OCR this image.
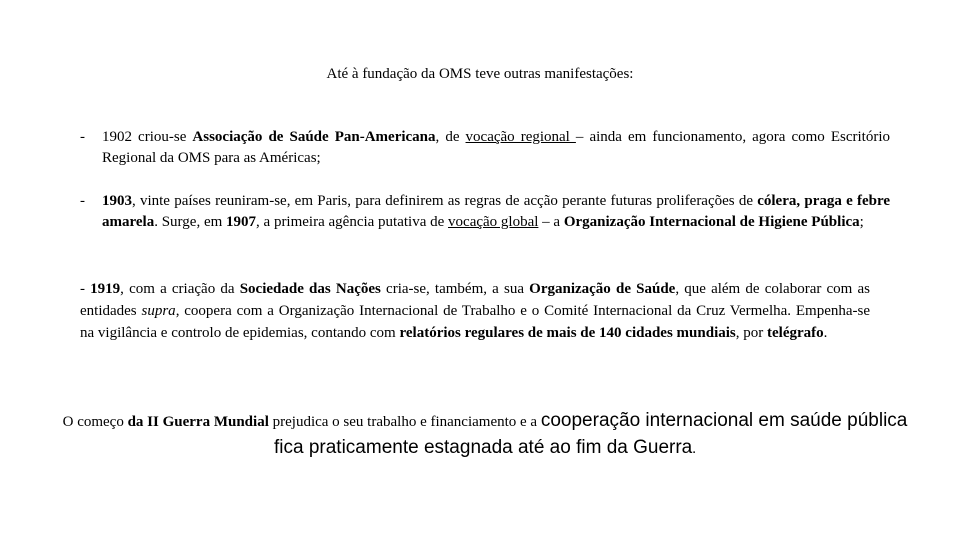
Até à fundação da OMS teve outras manifestações:
- 1902 criou-se Associação de Saúde Pan-Americana, de vocação regional – ainda em funcionamento, agora como Escritório Regional da OMS para as Américas;
- 1903, vinte países reuniram-se, em Paris, para definirem as regras de acção perante futuras proliferações de cólera, praga e febre amarela. Surge, em 1907, a primeira agência putativa de vocação global – a Organização Internacional de Higiene Pública;
- 1919, com a criação da Sociedade das Nações cria-se, também, a sua Organização de Saúde, que além de colaborar com as entidades supra, coopera com a Organização Internacional de Trabalho e o Comité Internacional da Cruz Vermelha. Empenha-se na vigilância e controlo de epidemias, contando com relatórios regulares de mais de 140 cidades mundiais, por telégrafo.
O começo da II Guerra Mundial prejudica o seu trabalho e financiamento e a cooperação internacional em saúde pública fica praticamente estagnada até ao fim da Guerra.
